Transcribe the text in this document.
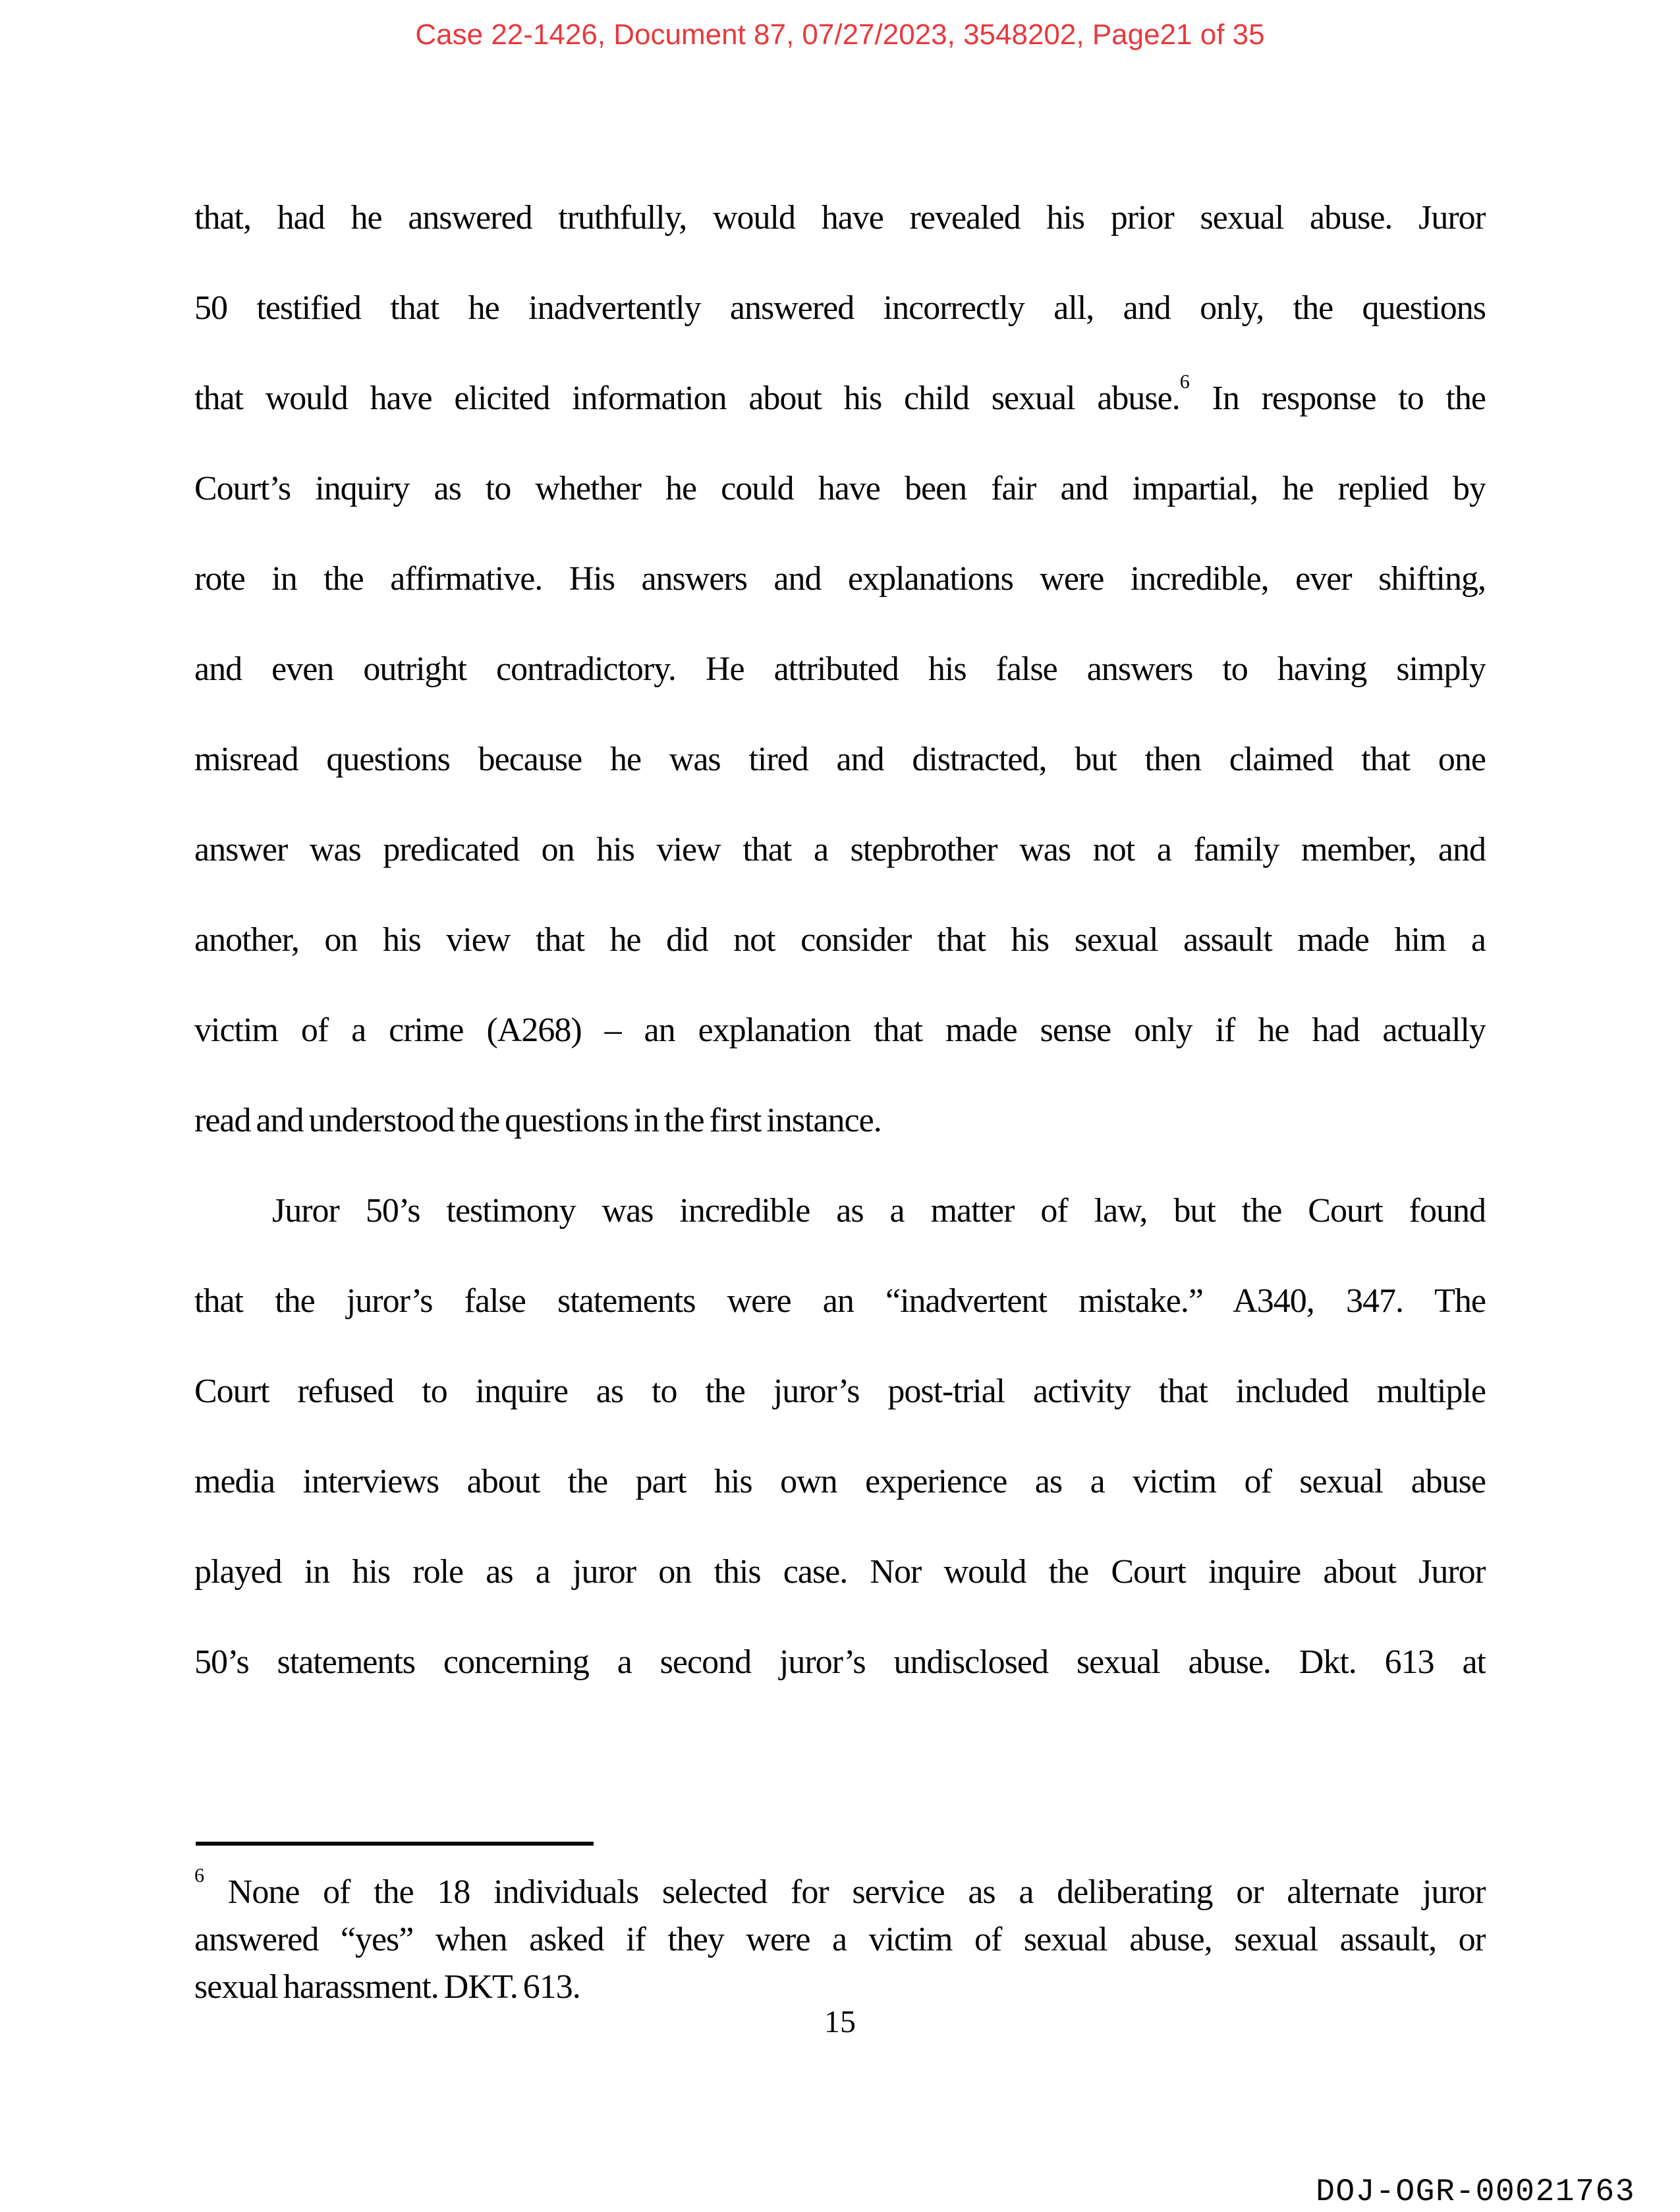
Case 22-1426, Document 87, 07/27/2023, 3548202, Page21 of 35
that, had he answered truthfully, would have revealed his prior sexual abuse. Juror
50 testified that he inadvertently answered incorrectly all, and only, the questions
that would have elicited information about his child sexual abuse.$^6$ In response to the
Court’s inquiry as to whether he could have been fair and impartial, he replied by
rote in the affirmative. His answers and explanations were incredible, ever shifting,
and even outright contradictory. He attributed his false answers to having simply
misread questions because he was tired and distracted, but then claimed that one
answer was predicated on his view that a stepbrother was not a family member, and
another, on his view that he did not consider that his sexual assault made him a
victim of a crime (A268) – an explanation that made sense only if he had actually
read and understood the questions in the first instance.
Juror 50’s testimony was incredible as a matter of law, but the Court found
that the juror’s false statements were an “inadvertent mistake.” A340, 347. The
Court refused to inquire as to the juror’s post-trial activity that included multiple
media interviews about the part his own experience as a victim of sexual abuse
played in his role as a juror on this case. Nor would the Court inquire about Juror
50’s statements concerning a second juror’s undisclosed sexual abuse. Dkt. 613 at
$^6$ None of the 18 individuals selected for service as a deliberating or alternate juror
answered “yes” when asked if they were a victim of sexual abuse, sexual assault, or
sexual harassment. DKT. 613.
15
DOJ-OGR-00021763
